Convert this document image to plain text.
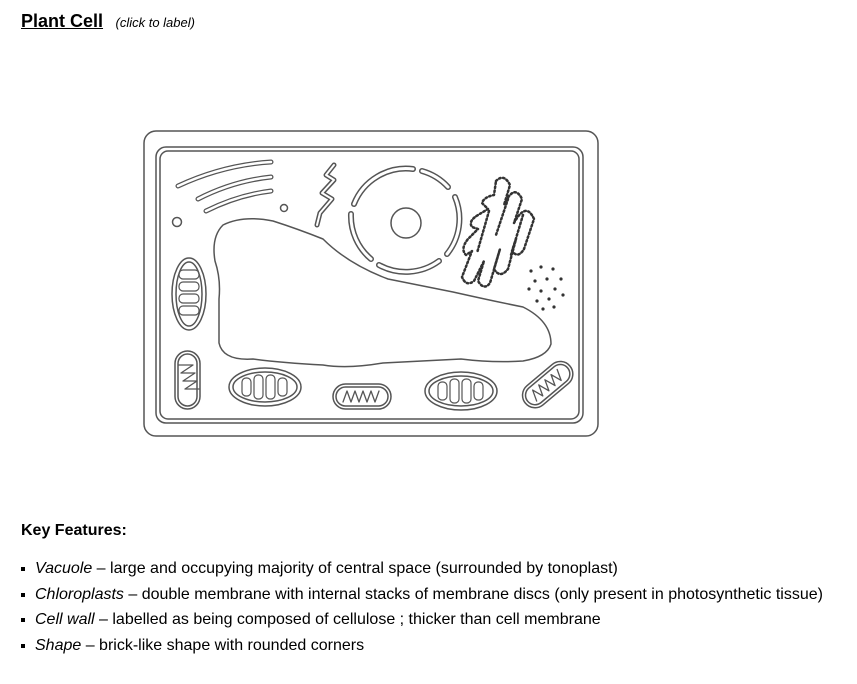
Plant Cell (click to label)
Key Features:
Vacuole – large and occupying majority of central space (surrounded by tonoplast)
Chloroplasts – double membrane with internal stacks of membrane discs (only present in photosynthetic tissue)
Cell wall – labelled as being composed of cellulose ; thicker than cell membrane
Shape – brick-like shape with rounded corners
